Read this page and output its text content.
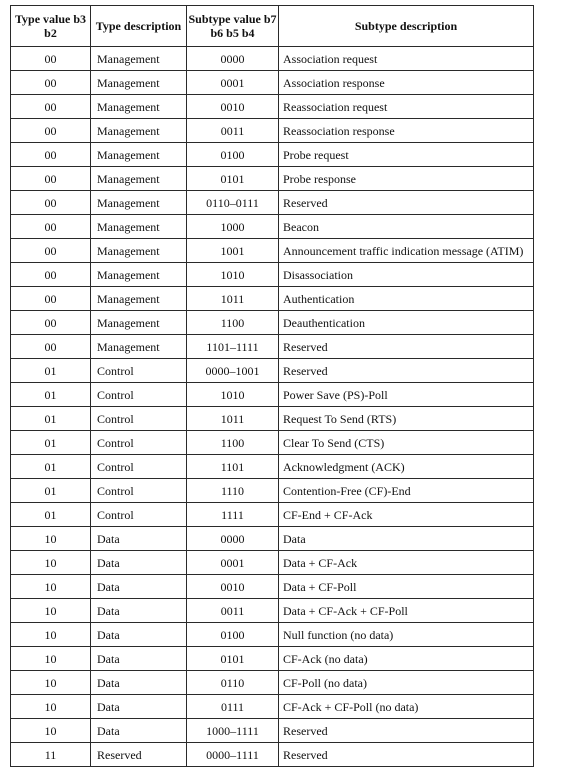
Type value b3 b2	Type description	Subtype value b7 b6 b5 b4	Subtype description
00	Management	0000	Association request
00	Management	0001	Association response
00	Management	0010	Reassociation request
00	Management	0011	Reassociation response
00	Management	0100	Probe request
00	Management	0101	Probe response
00	Management	0110–0111	Reserved
00	Management	1000	Beacon
00	Management	1001	Announcement traffic indication message (ATIM)
00	Management	1010	Disassociation
00	Management	1011	Authentication
00	Management	1100	Deauthentication
00	Management	1101–1111	Reserved
01	Control	0000–1001	Reserved
01	Control	1010	Power Save (PS)-Poll
01	Control	1011	Request To Send (RTS)
01	Control	1100	Clear To Send (CTS)
01	Control	1101	Acknowledgment (ACK)
01	Control	1110	Contention-Free (CF)-End
01	Control	1111	CF-End + CF-Ack
10	Data	0000	Data
10	Data	0001	Data + CF-Ack
10	Data	0010	Data + CF-Poll
10	Data	0011	Data + CF-Ack + CF-Poll
10	Data	0100	Null function (no data)
10	Data	0101	CF-Ack (no data)
10	Data	0110	CF-Poll (no data)
10	Data	0111	CF-Ack + CF-Poll (no data)
10	Data	1000–1111	Reserved
11	Reserved	0000–1111	Reserved
